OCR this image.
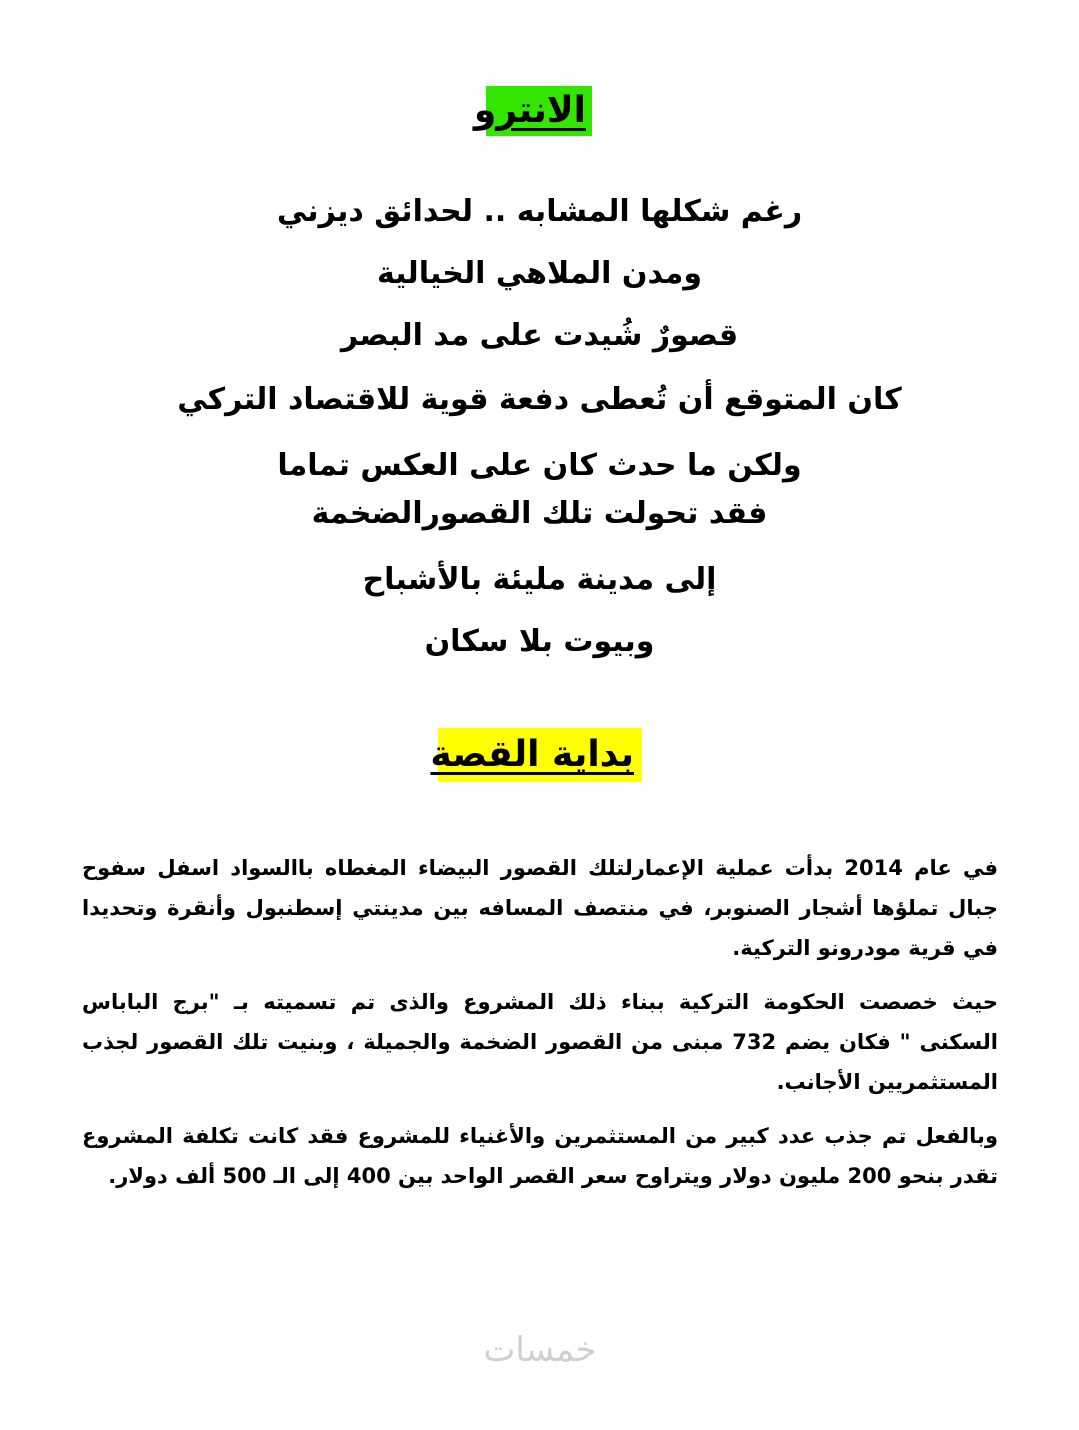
الانترو
رغم شكلها المشابه .. لحدائق ديزني
ومدن الملاهي الخيالية
قصورٌ شُيدت على مد البصر
كان المتوقع أن تُعطى دفعة قوية للاقتصاد التركي
ولكن ما حدث كان على العكس تماما
فقد تحولت تلك القصورالضخمة
إلى مدينة مليئة بالأشباح
وبيوت بلا سكان
بداية القصة

في عام 2014 بدأت عملية الإعمارلتلك القصور البيضاء المغطاه باالسواد اسفل سفوح جبال تملؤها أشجار الصنوبر، في منتصف المسافه بين مدينتي إسطنبول وأنقرة وتحديدا في قرية مودرونو التركية.

حيث خصصت الحكومة التركية ببناء ذلك المشروع والذى تم تسميته بـ "برج الباباس السكنى " فكان يضم 732 مبنى من القصور الضخمة والجميلة ، وبنيت تلك القصور لجذب المستثمريين الأجانب.

وبالفعل تم جذب عدد كبير من المستثمرين والأغنياء للمشروع فقد كانت تكلفة المشروع تقدر بنحو 200 مليون دولار ويتراوح سعر القصر الواحد بين 400 إلى الـ 500 ألف دولار.

خمسات
